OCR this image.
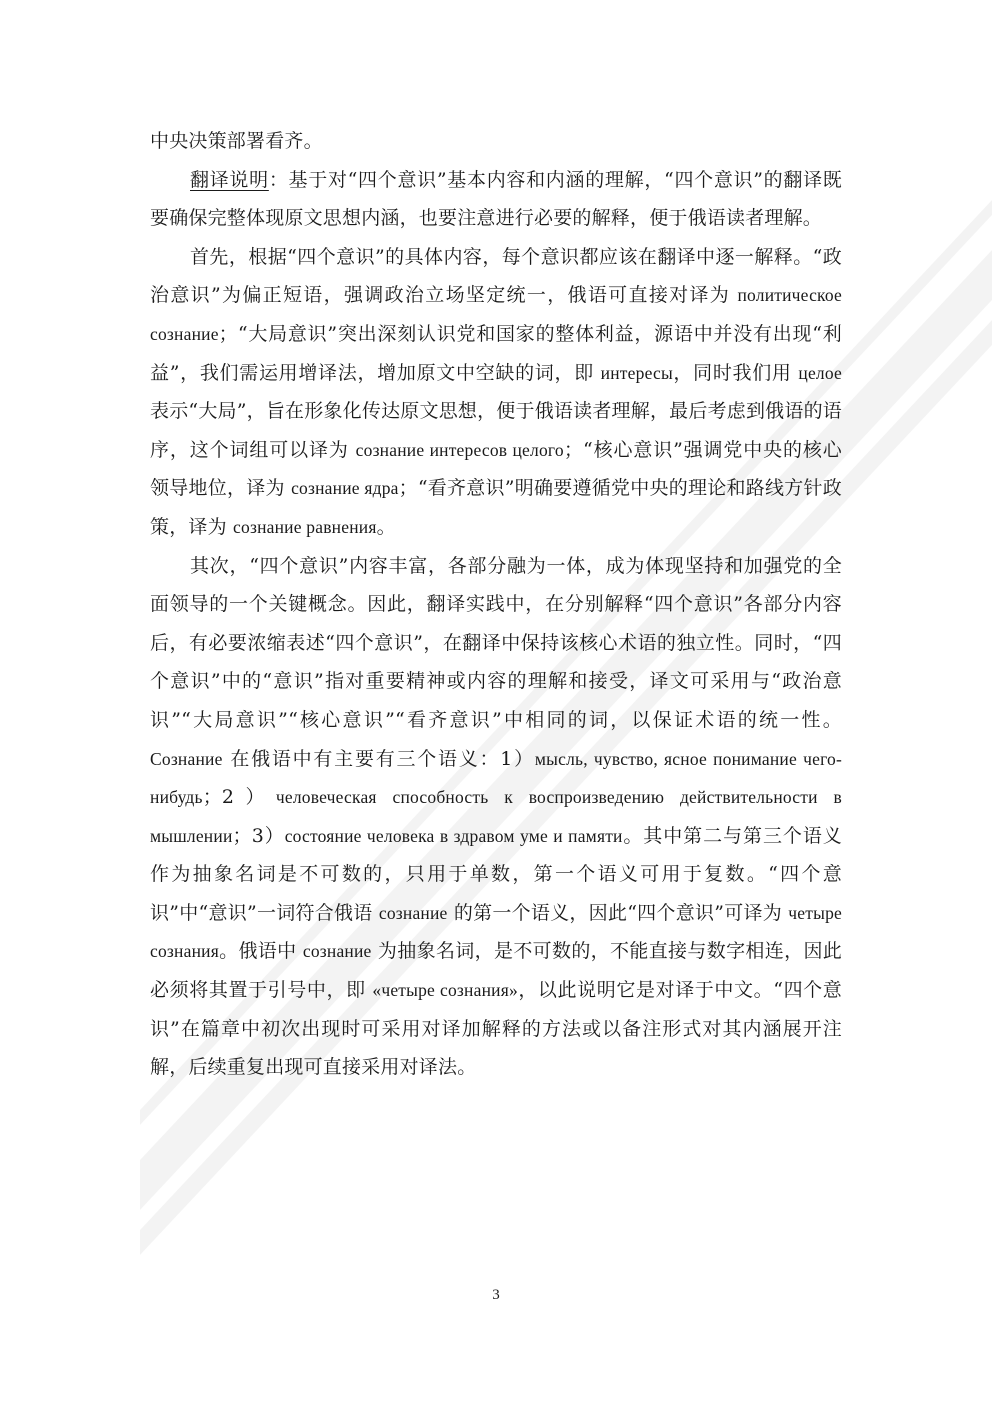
中央决策部署看齐。

翻译说明：基于对“四个意识”基本内容和内涵的理解，“四个意识”的翻译既要确保完整体现原文思想内涵，也要注意进行必要的解释，便于俄语读者理解。

首先，根据“四个意识”的具体内容，每个意识都应该在翻译中逐一解释。“政治意识”为偏正短语，强调政治立场坚定统一，俄语可直接对译为 политическое сознание；“大局意识”突出深刻认识党和国家的整体利益，源语中并没有出现“利益”，我们需运用增译法，增加原文中空缺的词，即 интересы，同时我们用 целое 表示“大局”，旨在形象化传达原文思想，便于俄语读者理解，最后考虑到俄语的语序，这个词组可以译为 сознание интересов целого；“核心意识”强调党中央的核心领导地位，译为 сознание ядра；“看齐意识”明确要遵循党中央的理论和路线方针政策，译为 сознание равнения。

其次，“四个意识”内容丰富，各部分融为一体，成为体现坚持和加强党的全面领导的一个关键概念。因此，翻译实践中，在分别解释“四个意识”各部分内容后，有必要浓缩表述“四个意识”，在翻译中保持该核心术语的独立性。同时，“四个意识”中的“意识”指对重要精神或内容的理解和接受，译文可采用与“政治意识”“大局意识”“核心意识”“看齐意识”中相同的词，以保证术语的统一性。Сознание 在俄语中有主要有三个语义：1）мысль, чувство, ясное понимание чего-нибудь；2）человеческая способность к воспроизведению действительности в мышлении；3）состояние человека в здравом уме и памяти。其中第二与第三个语义作为抽象名词是不可数的，只用于单数，第一个语义可用于复数。“四个意识”中“意识”一词符合俄语 сознание 的第一个语义，因此“四个意识”可译为 четыре сознания。俄语中 сознание 为抽象名词，是不可数的，不能直接与数字相连，因此必须将其置于引号中，即 «четыре сознания»，以此说明它是对译于中文。“四个意识”在篇章中初次出现时可采用对译加解释的方法或以备注形式对其内涵展开注解，后续重复出现可直接采用对译法。

3
